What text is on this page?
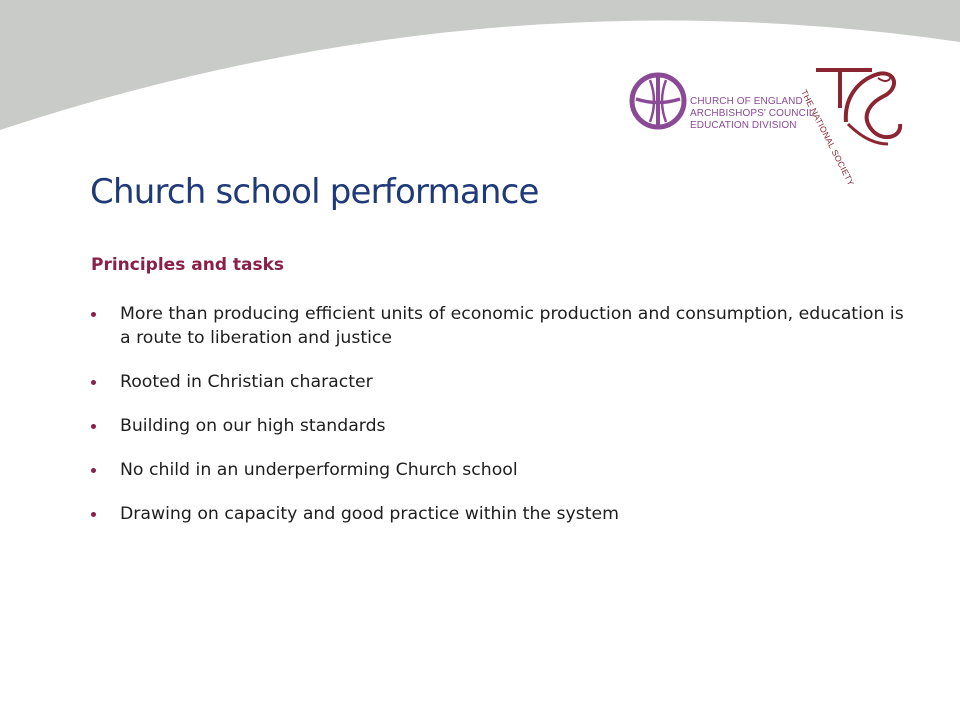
CHURCH OF ENGLAND
ARCHBISHOPS' COUNCIL
EDUCATION DIVISION THE NATIONAL SOCIETY
Church school performance
Principles and tasks
More than producing efficient units of economic production and consumption, education is a route to liberation and justice
Rooted in Christian character
Building on our high standards
No child in an underperforming Church school
Drawing on capacity and good practice within the system
